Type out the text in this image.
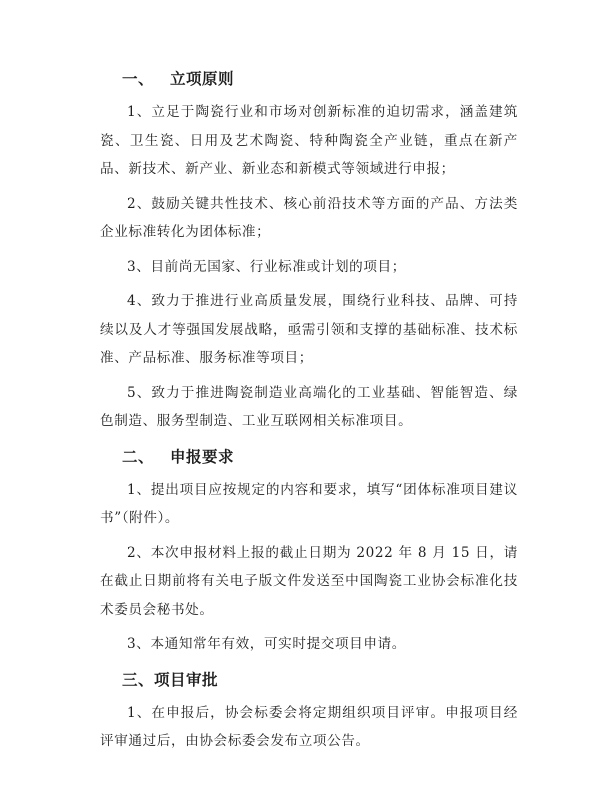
一、 立项原则

1、立足于陶瓷行业和市场对创新标准的迫切需求，涵盖建筑瓷、卫生瓷、日用及艺术陶瓷、特种陶瓷全产业链，重点在新产品、新技术、新产业、新业态和新模式等领域进行申报；

2、鼓励关键共性技术、核心前沿技术等方面的产品、方法类企业标准转化为团体标准；

3、目前尚无国家、行业标准或计划的项目；

4、致力于推进行业高质量发展，围绕行业科技、品牌、可持续以及人才等强国发展战略，亟需引领和支撑的基础标准、技术标准、产品标准、服务标准等项目；

5、致力于推进陶瓷制造业高端化的工业基础、智能智造、绿色制造、服务型制造、工业互联网相关标准项目。

二、 申报要求

1、提出项目应按规定的内容和要求，填写“团体标准项目建议书”（附件）。

2、本次申报材料上报的截止日期为 2022 年 8 月 15 日，请在截止日期前将有关电子版文件发送至中国陶瓷工业协会标准化技术委员会秘书处。

3、本通知常年有效，可实时提交项目申请。

三、项目审批

1、在申报后，协会标委会将定期组织项目评审。申报项目经评审通过后，由协会标委会发布立项公告。
